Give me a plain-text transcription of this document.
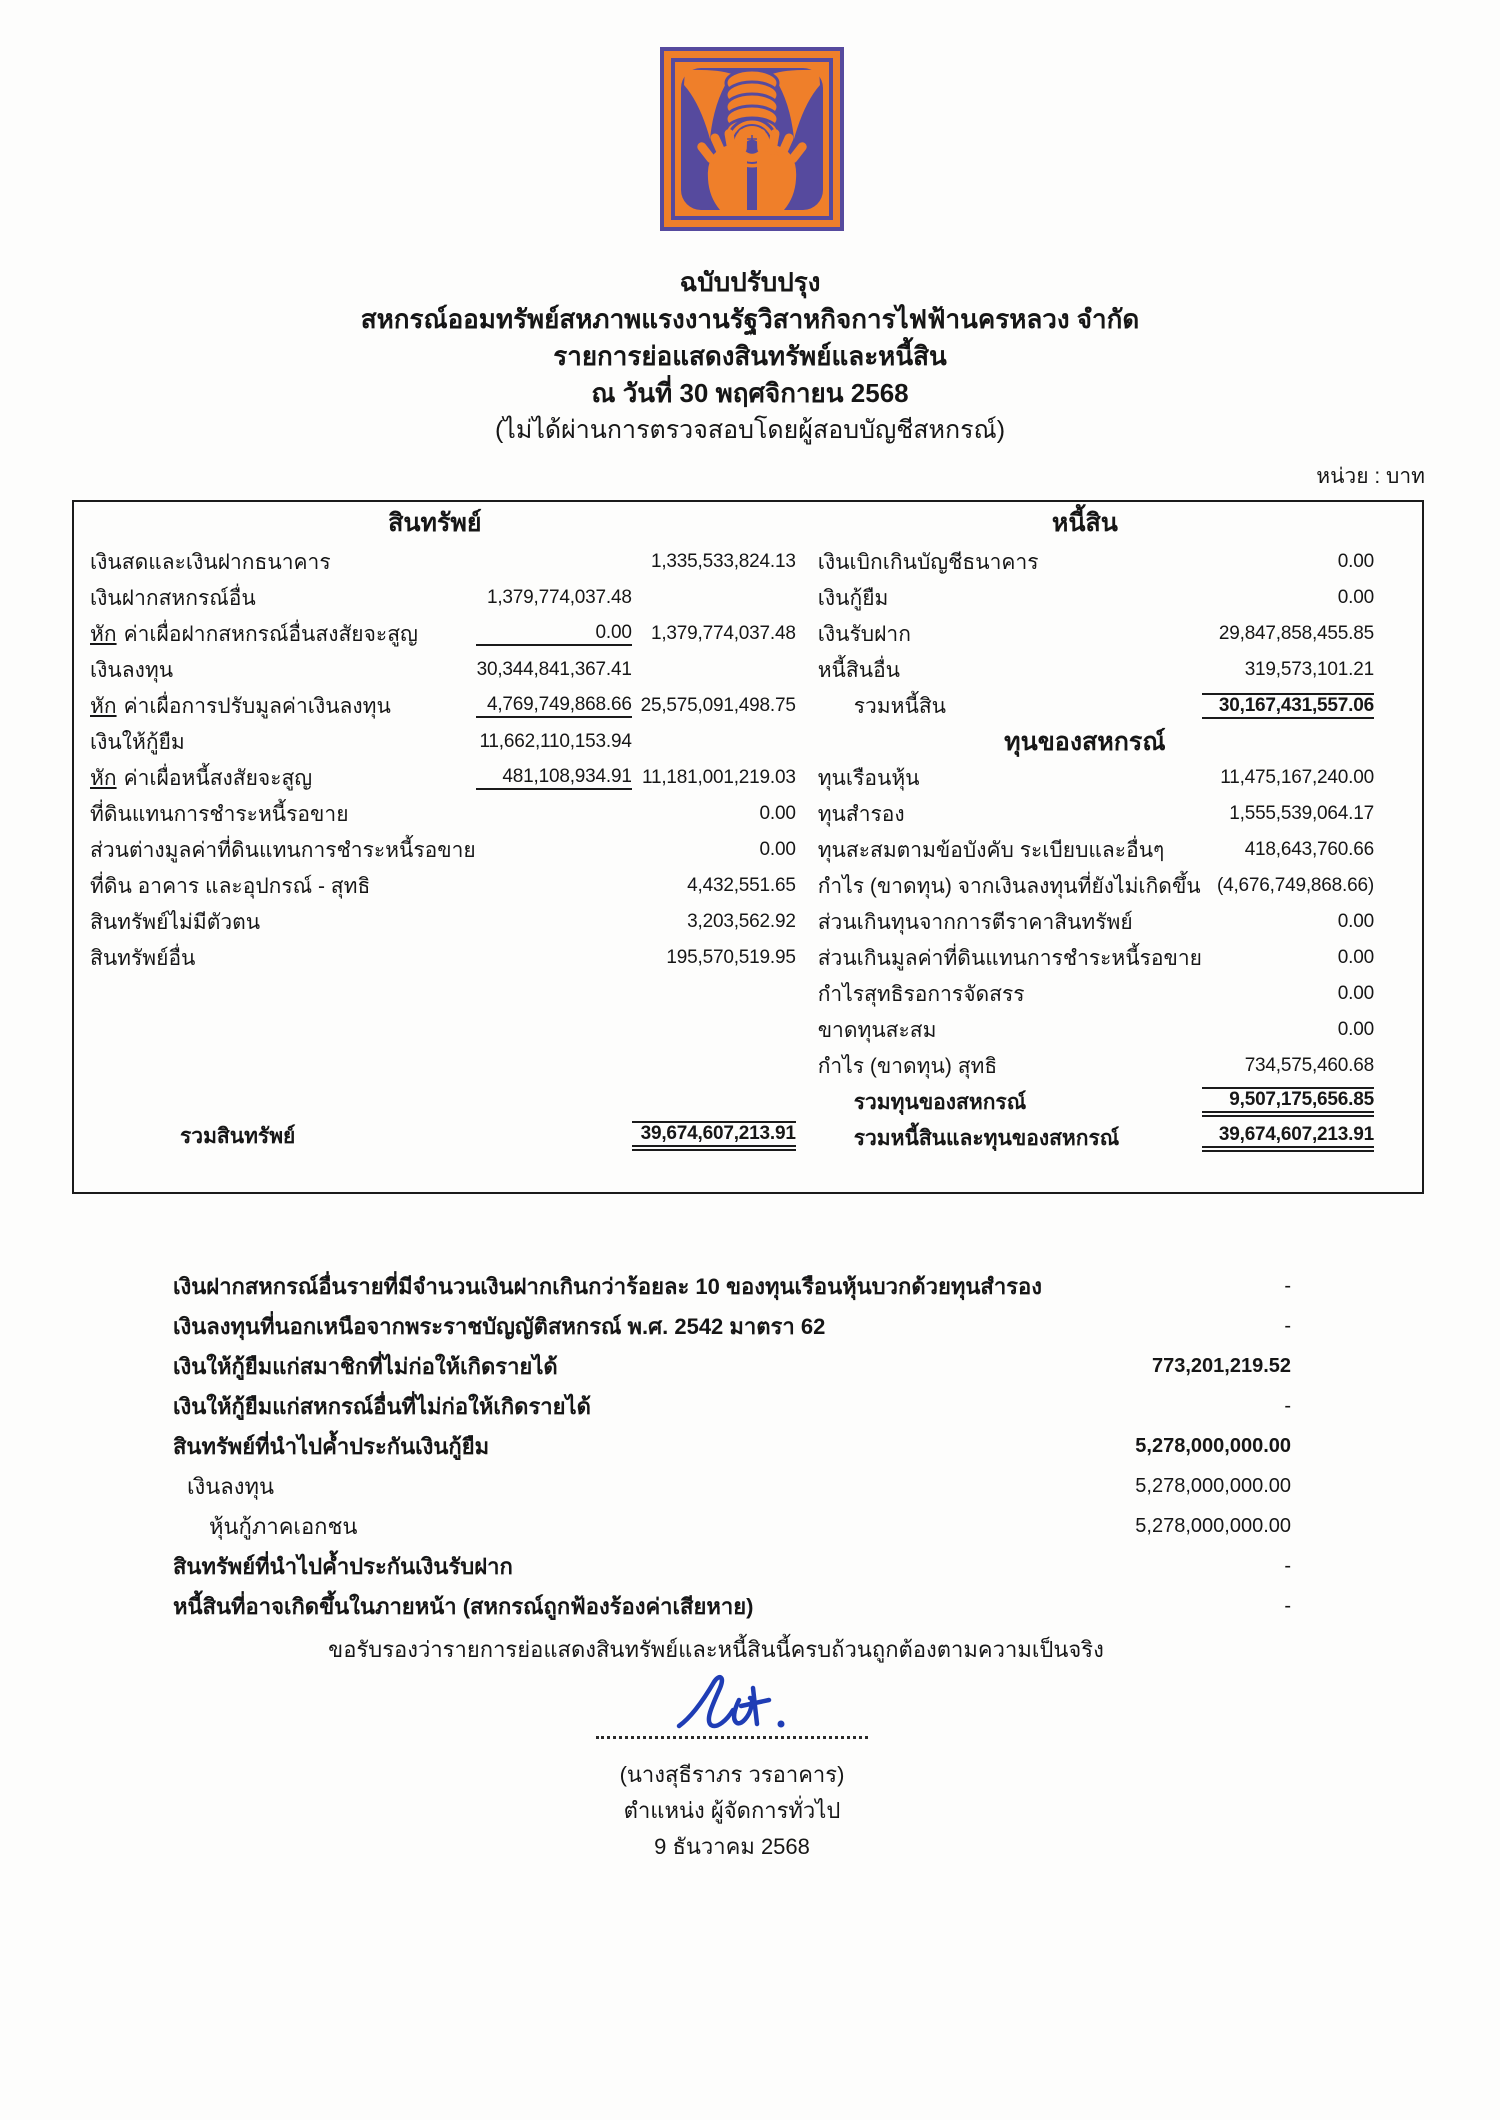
ฉบับปรับปรุง
สหกรณ์ออมทรัพย์สหภาพแรงงานรัฐวิสาหกิจการไฟฟ้านครหลวง จำกัด
รายการย่อแสดงสินทรัพย์และหนี้สิน
ณ วันที่ 30 พฤศจิกายน 2568
(ไม่ได้ผ่านการตรวจสอบโดยผู้สอบบัญชีสหกรณ์)
หน่วย : บาท
สินทรัพย์
เงินสดและเงินฝากธนาคาร	1,335,533,824.13
เงินฝากสหกรณ์อื่น	1,379,774,037.48
หัก ค่าเผื่อฝากสหกรณ์อื่นสงสัยจะสูญ	0.00	1,379,774,037.48
เงินลงทุน	30,344,841,367.41
หัก ค่าเผื่อการปรับมูลค่าเงินลงทุน	4,769,749,868.66 25,575,091,498.75
เงินให้กู้ยืม	11,662,110,153.94
หัก ค่าเผื่อหนี้สงสัยจะสูญ	481,108,934.91 11,181,001,219.03
ที่ดินแทนการชำระหนี้รอขาย	0.00
ส่วนต่างมูลค่าที่ดินแทนการชำระหนี้รอขาย	0.00
ที่ดิน อาคาร และอุปกรณ์ - สุทธิ	4,432,551.65
สินทรัพย์ไม่มีตัวตน	3,203,562.92
สินทรัพย์อื่น	195,570,519.95
รวมสินทรัพย์	39,674,607,213.91
หนี้สิน
เงินเบิกเกินบัญชีธนาคาร	0.00
เงินกู้ยืม	0.00
เงินรับฝาก	29,847,858,455.85
หนี้สินอื่น	319,573,101.21
รวมหนี้สิน	30,167,431,557.06
ทุนของสหกรณ์
ทุนเรือนหุ้น	11,475,167,240.00
ทุนสำรอง	1,555,539,064.17
ทุนสะสมตามข้อบังคับ ระเบียบและอื่นๆ	418,643,760.66
กำไร (ขาดทุน) จากเงินลงทุนที่ยังไม่เกิดขึ้น (4,676,749,868.66)
ส่วนเกินทุนจากการตีราคาสินทรัพย์	0.00
ส่วนเกินมูลค่าที่ดินแทนการชำระหนี้รอขาย	0.00
กำไรสุทธิรอการจัดสรร	0.00
ขาดทุนสะสม	0.00
กำไร (ขาดทุน) สุทธิ	734,575,460.68
รวมทุนของสหกรณ์	9,507,175,656.85
รวมหนี้สินและทุนของสหกรณ์	39,674,607,213.91
เงินฝากสหกรณ์อื่นรายที่มีจำนวนเงินฝากเกินกว่าร้อยละ 10 ของทุนเรือนหุ้นบวกด้วยทุนสำรอง	-
เงินลงทุนที่นอกเหนือจากพระราชบัญญัติสหกรณ์ พ.ศ. 2542 มาตรา 62	-
เงินให้กู้ยืมแก่สมาชิกที่ไม่ก่อให้เกิดรายได้	773,201,219.52
เงินให้กู้ยืมแก่สหกรณ์อื่นที่ไม่ก่อให้เกิดรายได้	-
สินทรัพย์ที่นำไปค้ำประกันเงินกู้ยืม	5,278,000,000.00
เงินลงทุน	5,278,000,000.00
หุ้นกู้ภาคเอกชน	5,278,000,000.00
สินทรัพย์ที่นำไปค้ำประกันเงินรับฝาก	-
หนี้สินที่อาจเกิดขึ้นในภายหน้า (สหกรณ์ถูกฟ้องร้องค่าเสียหาย)	-
ขอรับรองว่ารายการย่อแสดงสินทรัพย์และหนี้สินนี้ครบถ้วนถูกต้องตามความเป็นจริง
(นางสุธีราภร วรอาคาร)
ตำแหน่ง ผู้จัดการทั่วไป
9 ธันวาคม 2568
